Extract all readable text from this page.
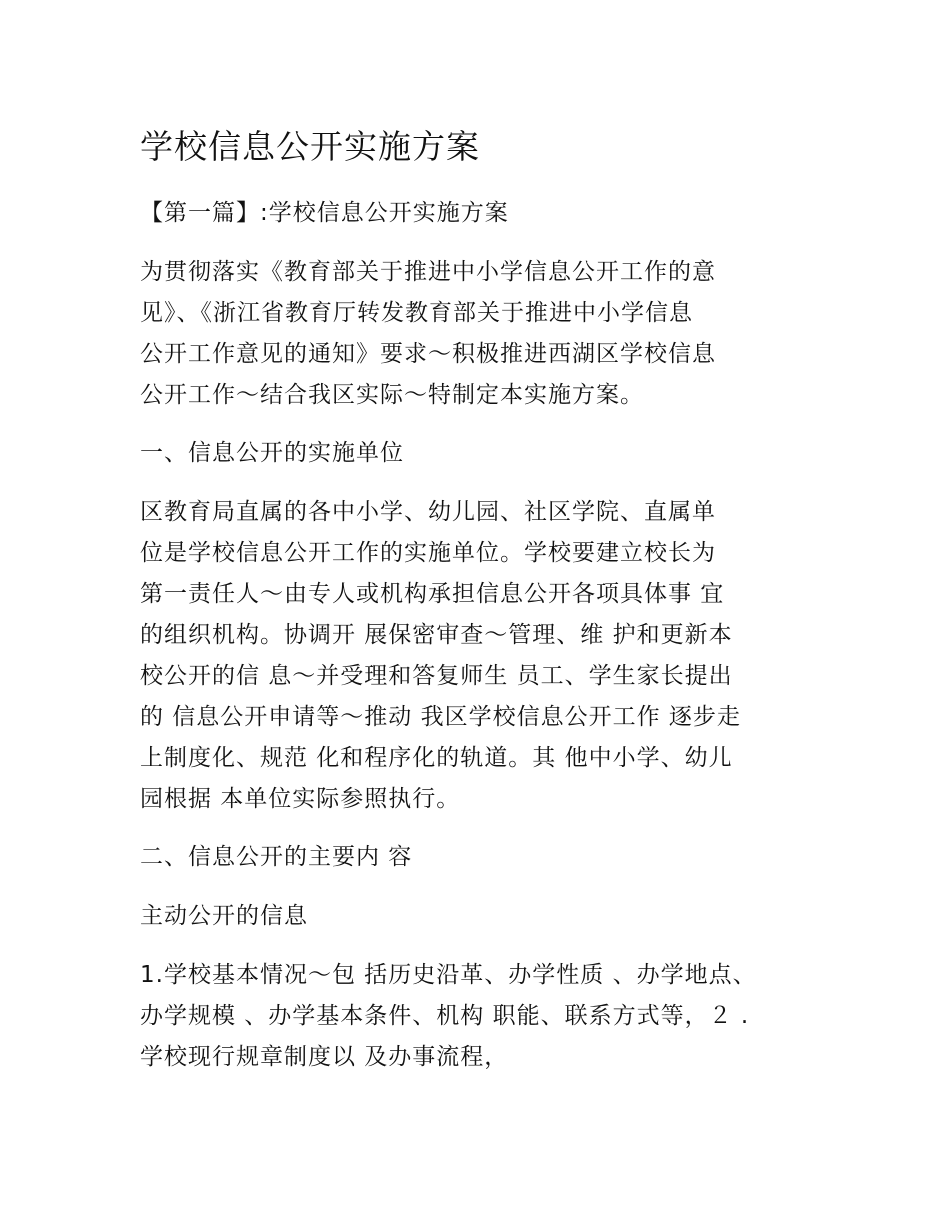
学校信息公开实施方案
【第一篇】:学校信息公开实施方案
为贯彻落实《教育部关于推进中小学信息公开工作的意
见》、《浙江省教育厅转发教育部关于推进中小学信息
公开工作意见的通知》要求～积极推进西湖区学校信息
公开工作～结合我区实际～特制定本实施方案。
一、信息公开的实施单位
区教育局直属的各中小学、幼儿园、社区学院、直属单
位是学校信息公开工作的实施单位。学校要建立校长为
第一责任人～由专人或机构承担信息公开各项具体事 宜
的组织机构。协调开 展保密审查～管理、维 护和更新本
校公开的信 息～并受理和答复师生 员工、学生家长提出
的 信息公开申请等～推动 我区学校信息公开工作 逐步走
上制度化、规范 化和程序化的轨道。其 他中小学、幼儿
园根据 本单位实际参照执行。
二、信息公开的主要内 容
主动公开的信息
1.学校基本情况～包 括历史沿革、办学性质 、办学地点、
办学规模 、办学基本条件、机构 职能、联系方式等，２ .
学校现行规章制度以 及办事流程，
